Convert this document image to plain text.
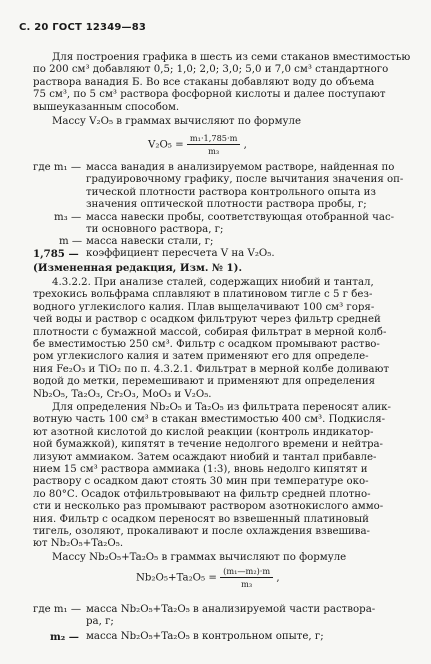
С. 20 ГОСТ 12349—83
Для построения графика в шесть из семи стаканов вместимостью
по 200 см³ добавляют 0,5; 1,0; 2,0; 3,0; 5,0 и 7,0 см³ стандартного
раствора ванадия Б. Во все стаканы добавляют воду до объема
75 см³, по 5 см³ раствора фосфорной кислоты и далее поступают
вышеуказанным способом.
Массу V₂O₅ в граммах вычисляют по формуле
$V_2O_5 = \frac{\text{m₁·1,785·m}}{\text{m₃}}$ ,
где m₁ — масса ванадия в анализируемом растворе, найденная по
градуировочному графику, после вычитания значения оп-
тической плотности раствора контрольного опыта из
значения оптической плотности раствора пробы, г;
m₃ — масса навески пробы, соответствующая отобранной час-
ти основного раствора, г;
m — масса навески стали, г;
1,785 — коэффициент пересчета V на V₂O₅.
(Измененная редакция, Изм. № 1).
4.3.2.2. При анализе сталей, содержащих ниобий и тантал,
трехокись вольфрама сплавляют в платиновом тигле с 5 г без-
водного углекислого калия. Плав выщелачивают 100 см³ горя-
чей воды и раствор с осадком фильтруют через фильтр средней
плотности с бумажной массой, собирая фильтрат в мерной колб-
бе вместимостью 250 см³. Фильтр с осадком промывают раство-
ром углекислого калия и затем применяют его для определе-
ния Fe₂O₃ и TiO₂ по п. 4.3.2.1. Фильтрат в мерной колбе доливают
водой до метки, перемешивают и применяют для определения
Nb₂O₅, Ta₂O₃, Cr₂O₃, MoO₃ и V₂O₅.
Для определения Nb₂O₅ и Ta₂O₅ из фильтрата переносят алик-
вотную часть 100 см³ в стакан вместимостью 400 см³. Подкисля-
ют азотной кислотой до кислой реакции (контроль индикатор-
ной бумажкой), кипятят в течение недолгого времени и нейтра-
лизуют аммиаком. Затем осаждают ниобий и тантал прибавле-
нием 15 см³ раствора аммиака (1:3), вновь недолго кипятят и
раствору с осадком дают стоять 30 мин при температуре око-
ло 80°С. Осадок отфильтровывают на фильтр средней плотно-
сти и несколько раз промывают раствором азотнокислого аммо-
ния. Фильтр с осадком переносят во взвешенный платиновый
тигель, озоляют, прокаливают и после охлаждения взвешива-
ют Nb₂O₅+Ta₂O₅.
Массу Nb₂O₅+Ta₂O₅ в граммах вычисляют по формуле
$Nb_2O_5+Ta_2O_5 = \frac{\text{(m₁—m₂)·m}}{\text{m₃}}$ ,
где m₁ — масса Nb₂O₅+Ta₂O₅ в анализируемой части раствора-
ра, г;
m₂ — масса Nb₂O₅+Ta₂O₅ в контрольном опыте, г;
